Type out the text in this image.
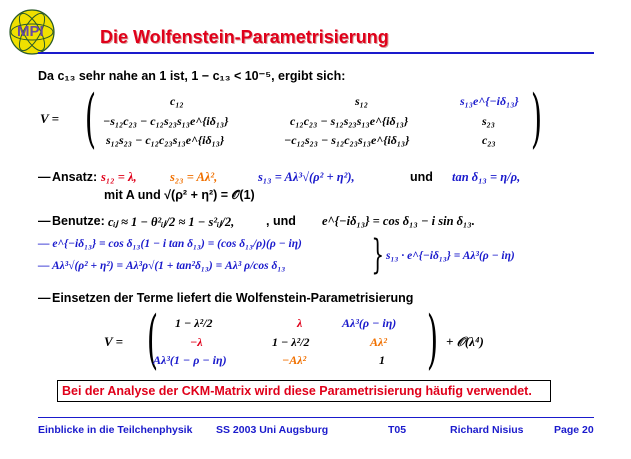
MPI	Die Wolfenstein-Parametrisierung
Da c₁₃ sehr nahe an 1 ist, 1 − c₁₃ < 10⁻⁵, ergibt sich:
V = (	)
c₁₂	s₁₂	s₁₃e^{−iδ₁₃}
−s₁₂c₂₃ − c₁₂s₂₃s₁₃e^{iδ₁₃}	c₁₂c₂₃ − s₁₂s₂₃s₁₃e^{iδ₁₃}	s₂₃
s₁₂s₂₃ − c₁₂c₂₃s₁₃e^{iδ₁₃}	−c₁₂s₂₃ − s₁₂c₂₃s₁₃e^{iδ₁₃}	c₂₃
— Ansatz: s₁₂ = λ,	s₂₃ = Aλ²,	s₁₃ = Aλ³√(ρ² + η²),	und tan δ₁₃ = η/ρ,
mit A und √(ρ² + η²) = 𝒪(1)
— Benutze: cᵢⱼ ≈ 1 − θ²ᵢⱼ/2 ≈ 1 − s²ᵢⱼ/2,	, und e^{−iδ₁₃} = cos δ₁₃ − i sin δ₁₃.
— e^{−iδ₁₃} = cos δ₁₃(1 − i tan δ₁₃) = (cos δ₁₃/ρ)(ρ − iη)
— Aλ³√(ρ² + η²) = Aλ³ρ√(1 + tan²δ₁₃) = Aλ³ ρ/cos δ₁₃ } s₁₃ · e^{−iδ₁₃} = Aλ³(ρ − iη)
— Einsetzen der Terme liefert die Wolfenstein-Parametrisierung
V = (	)
1 − λ²/2	λ	Aλ³(ρ − iη)
−λ	1 − λ²/2	Aλ²
Aλ³(1 − ρ − iη)	−Aλ²	1
+ 𝒪(λ⁴)
Bei der Analyse der CKM-Matrix wird diese Parametrisierung häufig verwendet.
Einblicke in die Teilchenphysik SS 2003 Uni Augsburg	T05	Richard Nisius	Page 20
